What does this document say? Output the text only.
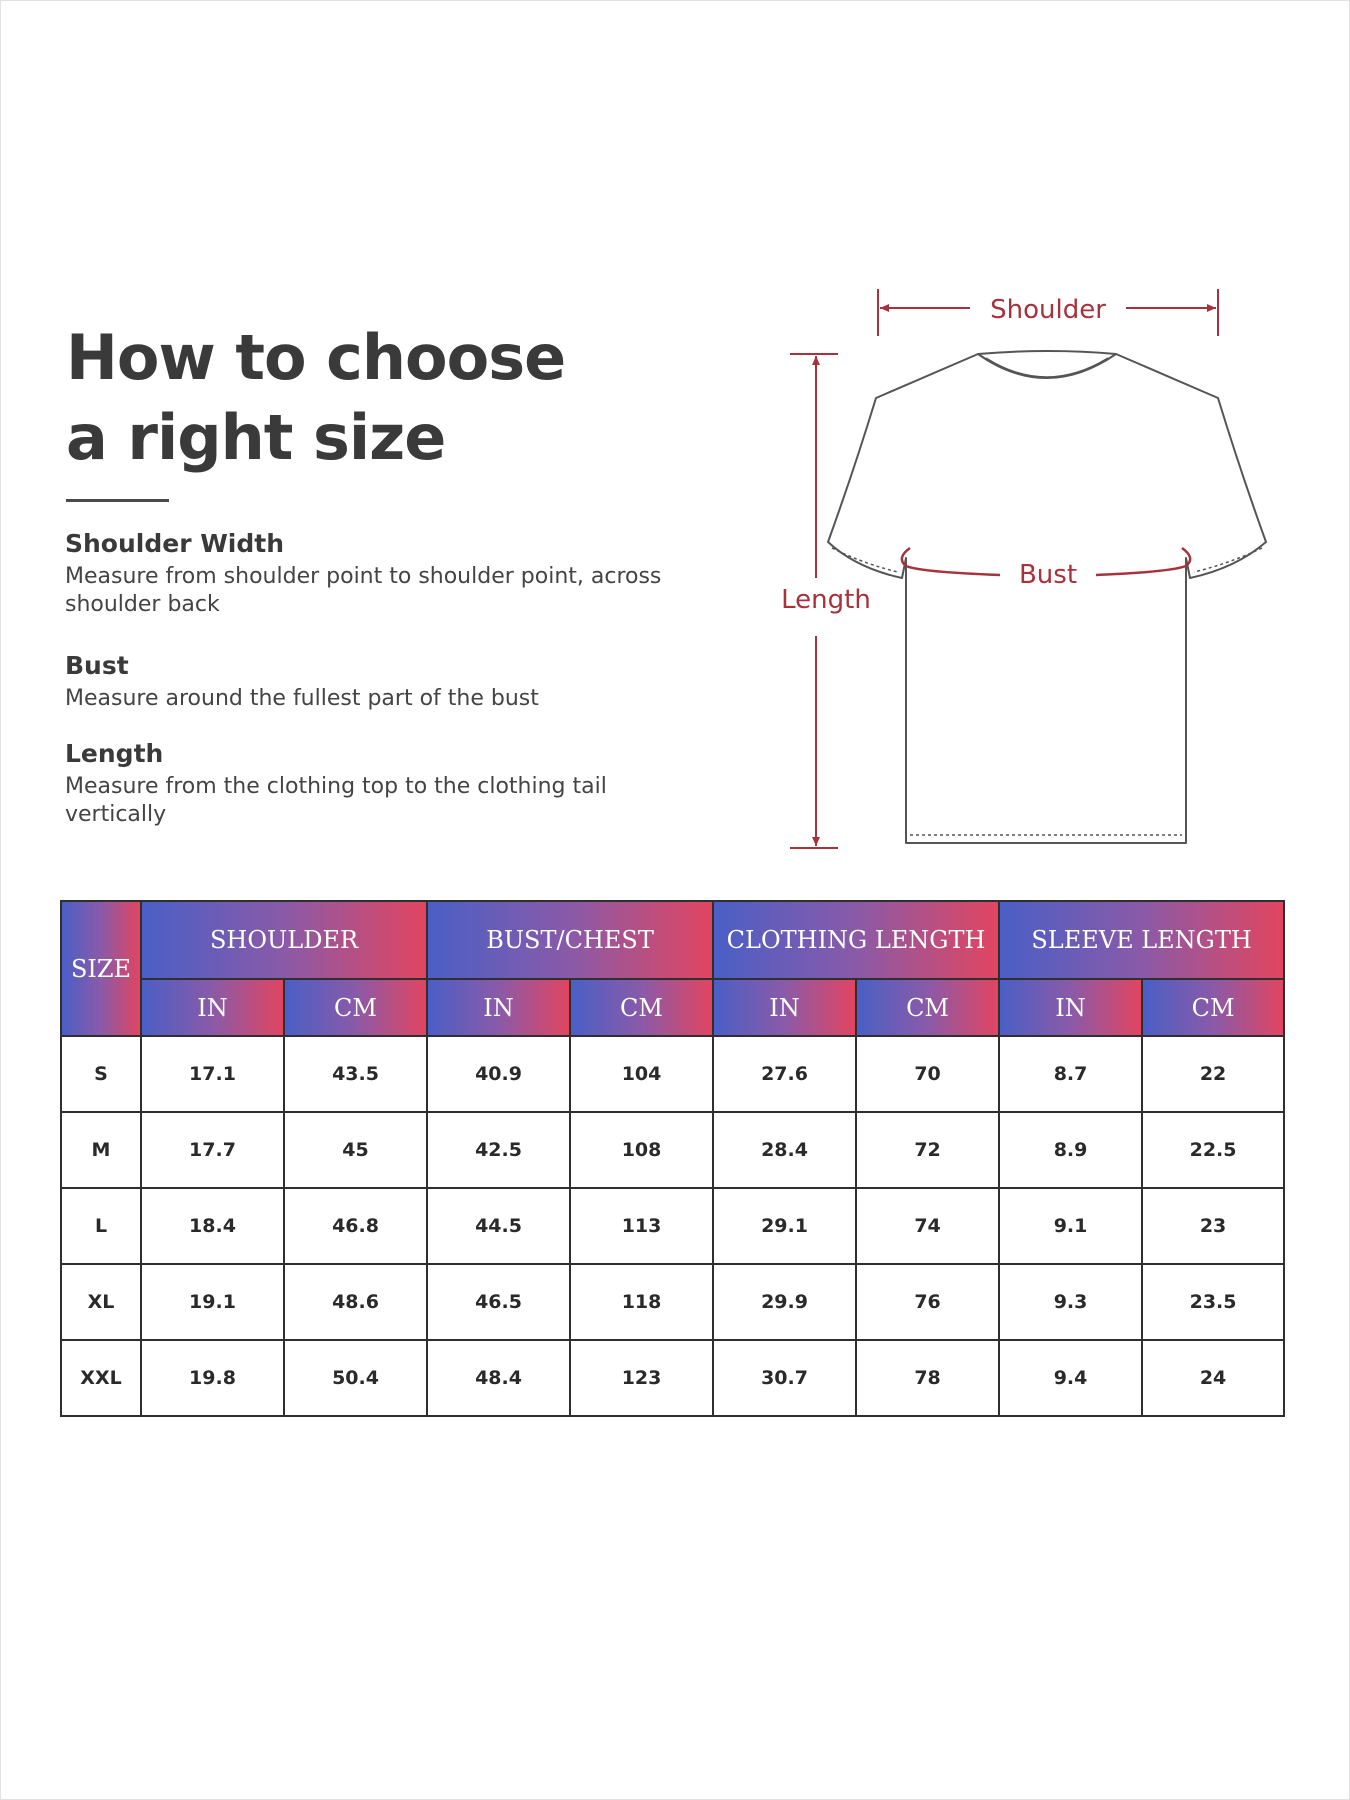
How to choose
a right size
Shoulder Width

Measure from shoulder point to shoulder point, across shoulder back

Bust

Measure around the fullest part of the bust

Length

Measure from the clothing top to the clothing tail vertically

Shoulder
Length
Bust
SIZE	SHOULDER		BUST/CHEST		CLOTHING LENGTH		SLEEVE LENGTH	
	IN	CM	IN	CM	IN	CM	IN	CM
S	17.1	43.5	40.9	104	27.6	70	8.7	22
M	17.7	45	42.5	108	28.4	72	8.9	22.5
L	18.4	46.8	44.5	113	29.1	74	9.1	23
XL	19.1	48.6	46.5	118	29.9	76	9.3	23.5
XXL	19.8	50.4	48.4	123	30.7	78	9.4	24
